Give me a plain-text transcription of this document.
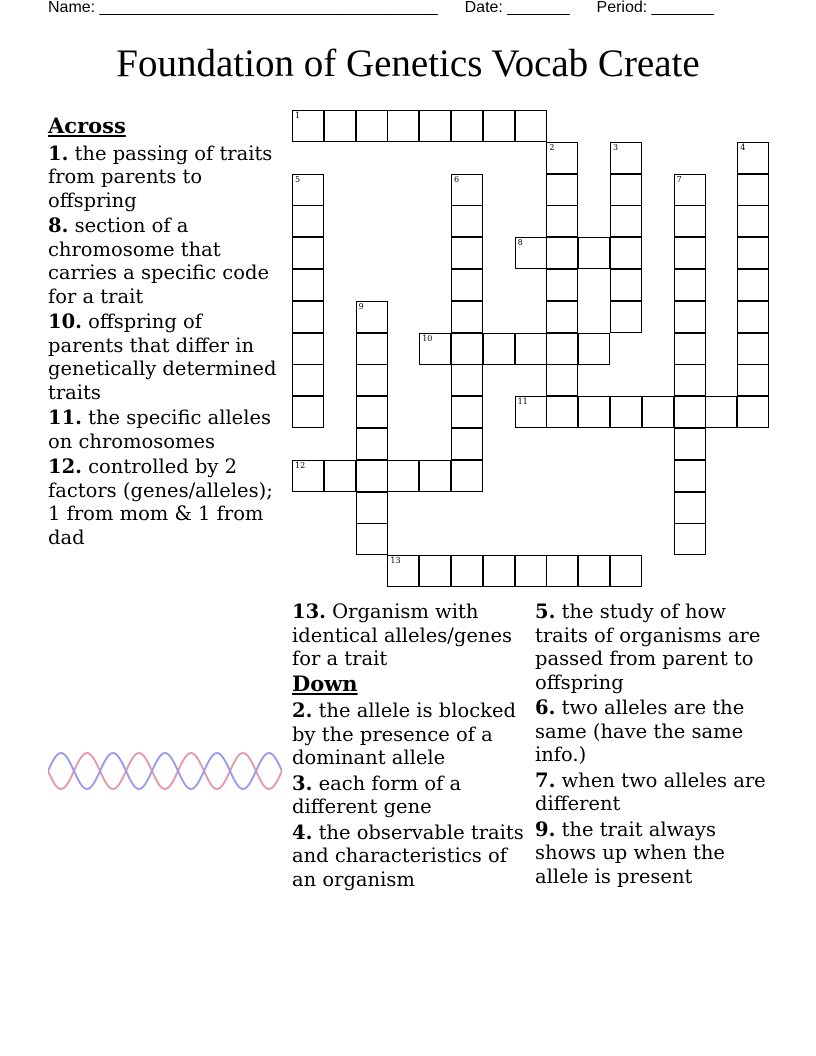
Name: ______________________________________ Date: _______ Period: _______
Foundation of Genetics Vocab Create
Across
1. the passing of traits from parents to offspring
8. section of a chromosome that carries a specific code for a trait
10. offspring of parents that differ in genetically determined traits
11. the specific alleles on chromosomes
12. controlled by 2 factors (genes/alleles); 1 from mom & 1 from dad
13. Organism with identical alleles/genes for a trait
Down
2. the allele is blocked by the presence of a dominant allele
3. each form of a different gene
4. the observable traits and characteristics of an organism
5. the study of how traits of organisms are passed from parent to offspring
6. two alleles are the same (have the same info.)
7. when two alleles are different
9. the trait always shows up when the allele is present
1
2	3	4
5	6	7
8
9
10
11
12
13
